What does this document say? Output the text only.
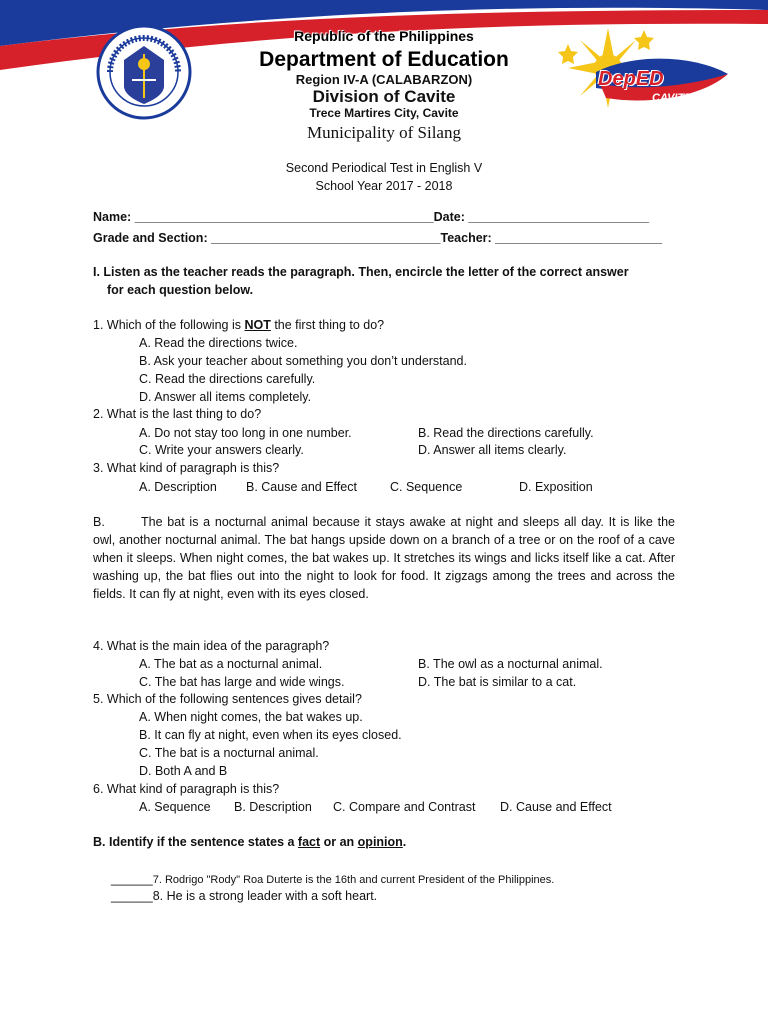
DepED
CAVITE
Republic of the Philippines
Department of Education
Region IV-A (CALABARZON)
Division of Cavite
Trece Martires City, Cavite
Municipality of Silang
Second Periodical Test in English V
School Year 2017 - 2018
Name: ___________________________________________Date: __________________________
Grade and Section: _________________________________Teacher: ________________________
I. Listen as the teacher reads the paragraph. Then, encircle the letter of the correct answer
for each question below.
1. Which of the following is NOT the first thing to do?
A. Read the directions twice.
B. Ask your teacher about something you don’t understand.
C. Read the directions carefully.
D. Answer all items completely.
2. What is the last thing to do?
A. Do not stay too long in one number.	B. Read the directions carefully.
C. Write your answers clearly.	D. Answer all items clearly.
3. What kind of paragraph is this?
A. Description B. Cause and Effect	C. Sequence	D. Exposition
B.	The bat is a nocturnal animal because it stays awake at night and sleeps all day. It is like the owl, another nocturnal animal. The bat hangs upside down on a branch of a tree or on the roof of a cave when it sleeps. When night comes, the bat wakes up. It stretches its wings and licks itself like a cat. After washing up, the bat flies out into the night to look for food. It zigzags among the trees and across the fields. It can fly at night, even with its eyes closed.
4. What is the main idea of the paragraph?
A. The bat as a nocturnal animal.	B. The owl as a nocturnal animal.
C. The bat has large and wide wings.	D. The bat is similar to a cat.
5. Which of the following sentences gives detail?
A. When night comes, the bat wakes up.
B. It can fly at night, even when its eyes closed.
C. The bat is a nocturnal animal.
D. Both A and B
6. What kind of paragraph is this?
A. Sequence B. Description C. Compare and Contrast D. Cause and Effect
B. Identify if the sentence states a fact or an opinion.
______7. Rodrigo "Rody" Roa Duterte is the 16th and current President of the Philippines.
______8. He is a strong leader with a soft heart.
